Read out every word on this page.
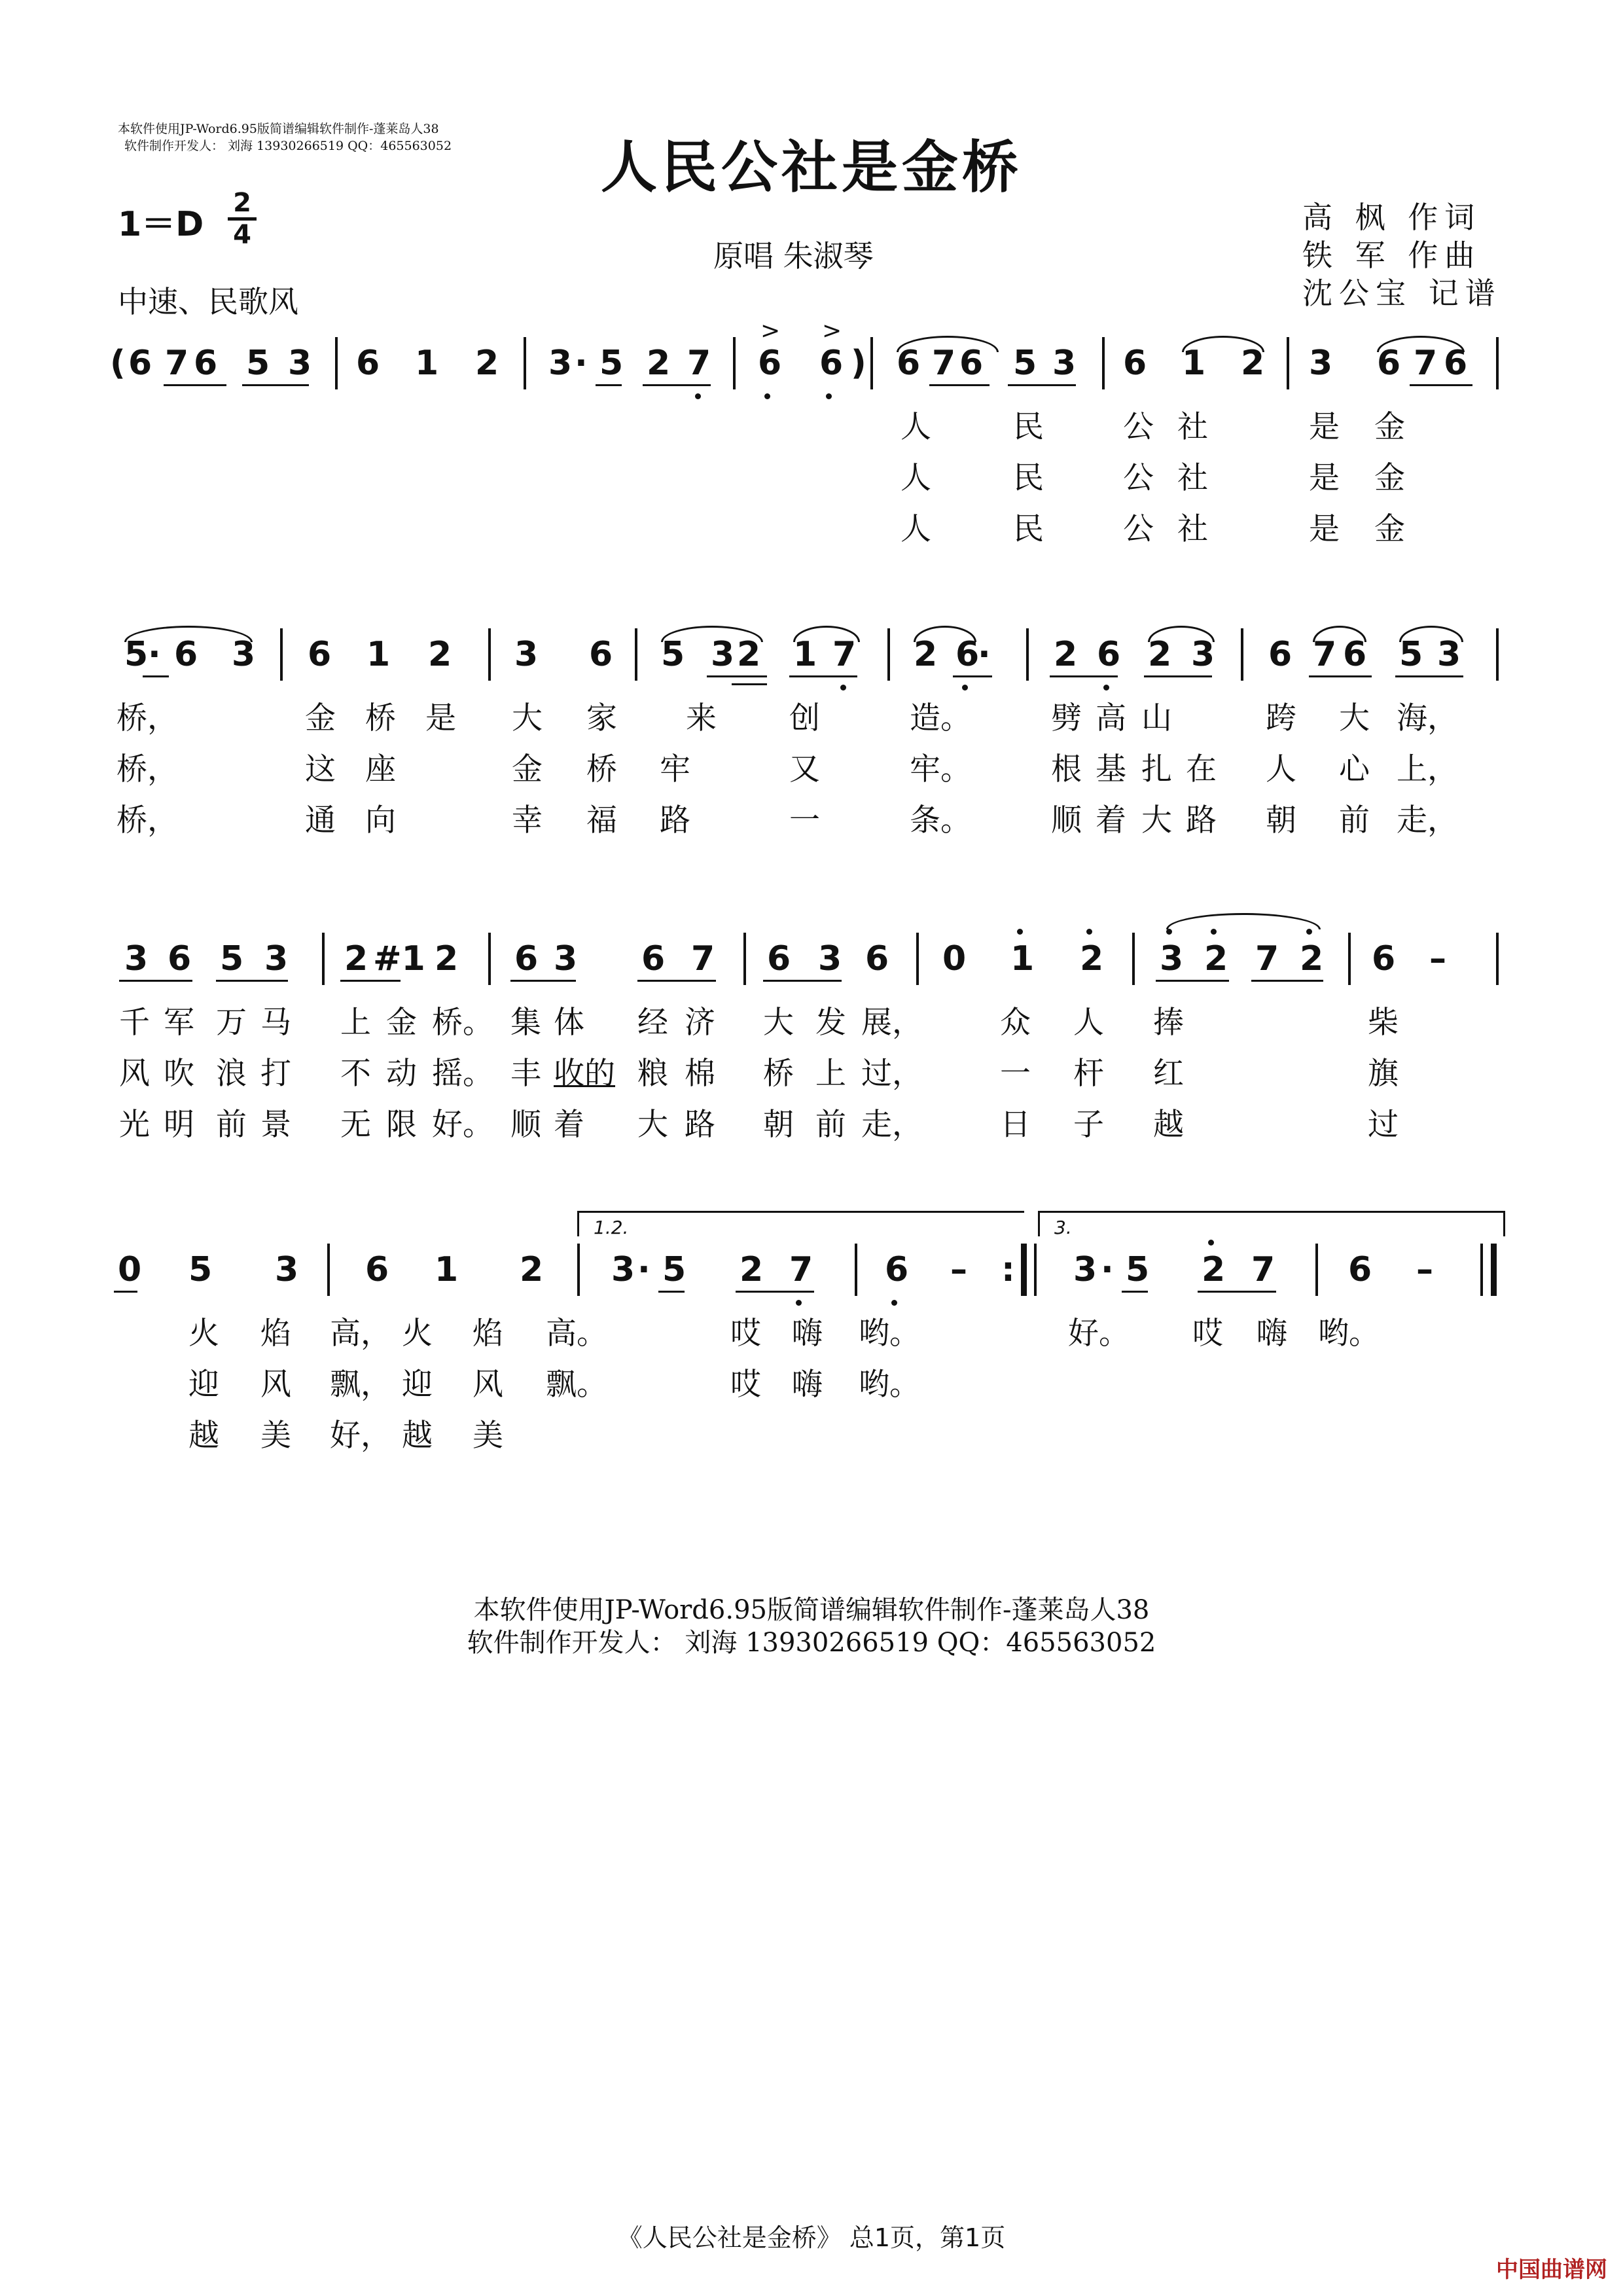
本软件使用JP-Word6.95版简谱编辑软件制作-蓬莱岛人38
软件制作开发人： 刘海 13930266519 QQ：465563052	人民公社是金桥
1＝D
2
4
原唱 朱淑琴
中速、民歌风
高 枫 作词
铁 军 作曲
沈公宝 记谱
( 6 7 6 5 3 6 1 2 3 · 5 2 7 6 6 ) 6 7 6 5 3 6 1 2 3 6 7 6
> >
人	民	公社	是 金
人	民	公社	是 金
人	民	公社	是 金
5 · 6 3 6 1 2 3 6 5 3 2 1 7 2 6
· 2 6 2 3 6 7 6 5 3
桥，	金 桥 是 大 家 来 创	造。	劈 高 山	跨 大 海，
桥，	这 座	金 桥 牢	又	牢。	根 基 扎 在 人 心 上，
桥，	通 向	幸 福 路	一	条。	顺 着 大 路 朝 前 走，
3 6 5 3 2 #1 2 6 3 6 7 6 3 6 0 1 2 3 2 7 2 6 –
千 军 万 马 上 金 桥。 集 体 经 济 大 发 展，	众 人 捧	柴
风 吹 浪 打 不 动 摇。 丰 收的 粮 棉 桥 上 过，	一 杆 红	旗
光 明 前 景 无 限 好。 顺 着 大 路 朝 前 走，	日 子 越	过
1.2.	3.
0 5 3 6 1 2 3 · 5 2 7 6 – : 3 · 5 2 7 6 –
火 焰 高， 火 焰 高。	哎 嗨 哟。	好。 哎 嗨 哟。
迎 风 飘， 迎 风 飘。	哎 嗨 哟。
越 美 好， 越 美
本软件使用JP-Word6.95版简谱编辑软件制作-蓬莱岛人38
软件制作开发人： 刘海 13930266519 QQ：465563052
《人民公社是金桥》 总1页，第1页
中国曲谱网
